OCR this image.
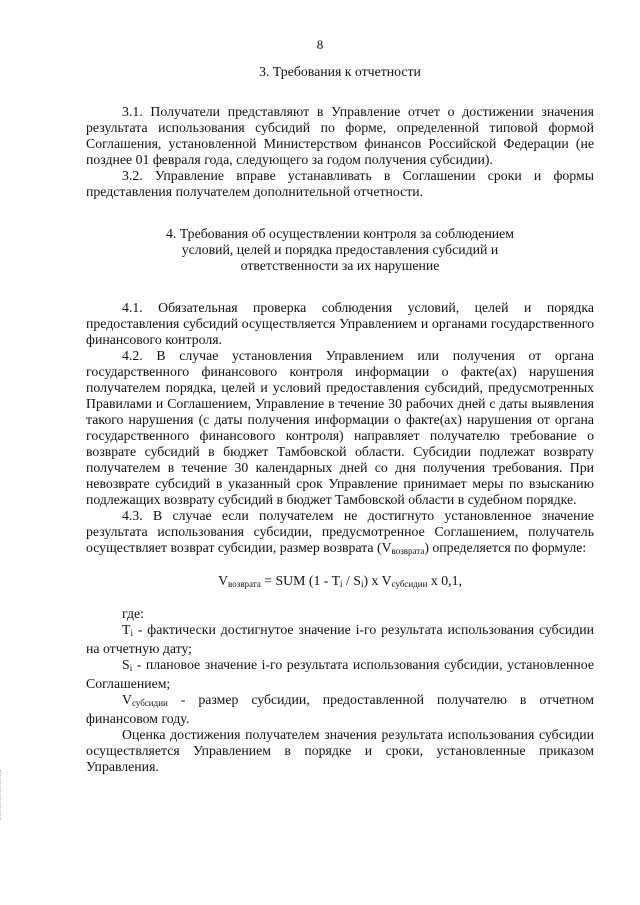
8

3. Требования к отчетности

3.1. Получатели представляют в Управление отчет о достижении значения результата использования субсидий по форме, определенной типовой формой Соглашения, установленной Министерством финансов Российской Федерации (не позднее 01 февраля года, следующего за годом получения субсидии).

3.2. Управление вправе устанавливать в Соглашении сроки и формы представления получателем дополнительной отчетности.

4. Требования об осуществлении контроля за соблюдением

условий, целей и порядка предоставления субсидий и

ответственности за их нарушение

4.1. Обязательная проверка соблюдения условий, целей и порядка предоставления субсидий осуществляется Управлением и органами государственного финансового контроля.

4.2. В случае установления Управлением или получения от органа государственного финансового контроля информации о факте(ах) нарушения получателем порядка, целей и условий предоставления субсидий, предусмотренных Правилами и Соглашением, Управление в течение 30 рабочих дней с даты выявления такого нарушения (с даты получения информации о факте(ах) нарушения от органа государственного финансового контроля) направляет получателю требование о возврате субсидий в бюджет Тамбовской области. Субсидии подлежат возврату получателем в течение 30 календарных дней со дня получения требования. При невозврате субсидий в указанный срок Управление принимает меры по взысканию подлежащих возврату субсидий в бюджет Тамбовской области в судебном порядке.

4.3. В случае если получателем не достигнуто установленное значение результата использования субсидии, предусмотренное Соглашением, получатель осуществляет возврат субсидии, размер возврата $(V_{возврата})$ определяется по формуле:

$V_{возврата}$ = SUM $(1 - T_i / S_i)$ x $V_{субсидии}$ x 0,1,

где:

$T_i$ - фактически достигнутое значение i-го результата использования субсидии на отчетную дату;

$S_i$ - плановое значение i-го результата использования субсидии, установленное Соглашением;

$V_{субсидии}$ - размер субсидии, предоставленной получателю в отчетном финансовом году.

Оценка достижения получателем значения результата использования субсидии осуществляется Управлением в порядке и сроки, установленные приказом Управления.
